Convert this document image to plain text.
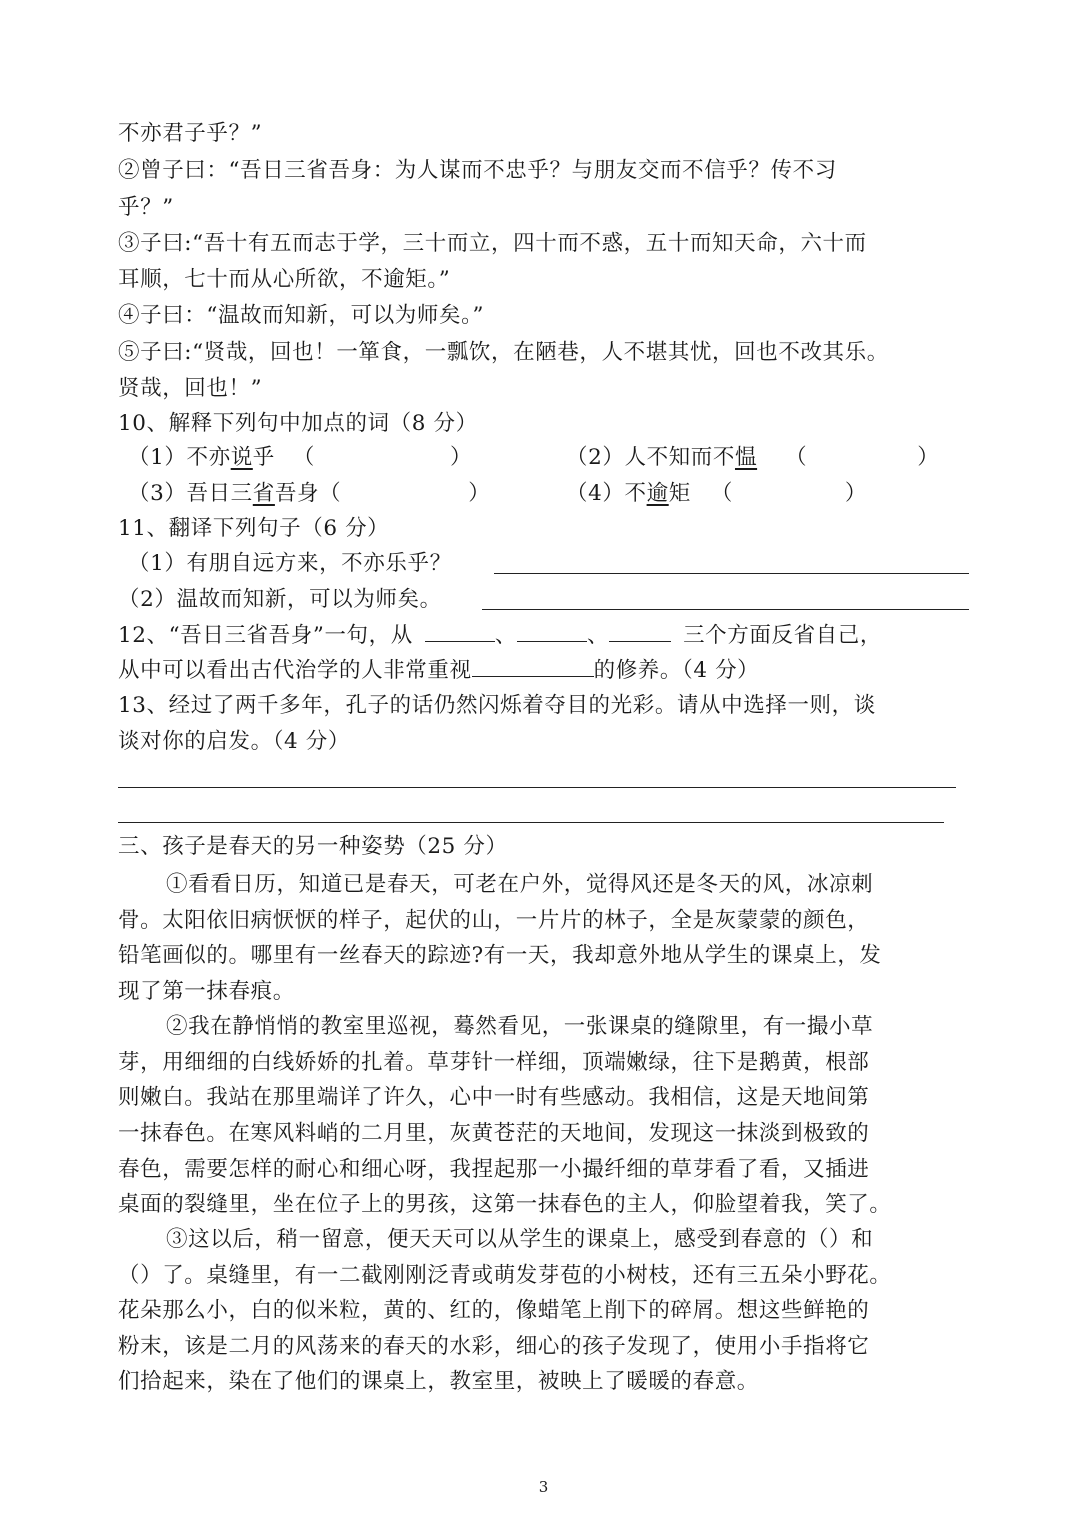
不亦君子乎？”
②曾子曰：“吾日三省吾身：为人谋而不忠乎？与朋友交而不信乎？传不习
乎？”
③子曰:“吾十有五而志于学，三十而立，四十而不惑，五十而知天命，六十而
耳顺，七十而从心所欲，不逾矩。”
④子曰：“温故而知新，可以为师矣。”
⑤子曰:“贤哉，回也！一箪食，一瓢饮，在陋巷，人不堪其忧，回也不改其乐。
贤哉，回也！”
10、解释下列句中加点的词（8 分）
（1）不亦说乎 （	）	（2）人不知而不愠 （	）
（3）吾日三省吾身（	）	（4）不逾矩 （	）
11、翻译下列句子（6 分）
（1）有朋自远方来，不亦乐乎？
（2）温故而知新，可以为师矣。
12、“吾日三省吾身”一句，从	、	、	三个方面反省自己，
从中可以看出古代治学的人非常重视	的修养。（4 分）
13、经过了两千多年，孔子的话仍然闪烁着夺目的光彩。请从中选择一则，谈
谈对你的启发。（4 分）
三、孩子是春天的另一种姿势（25 分）
①看看日历，知道已是春天，可老在户外，觉得风还是冬天的风，冰凉刺
骨。太阳依旧病恹恹的样子，起伏的山，一片片的林子，全是灰蒙蒙的颜色，
铅笔画似的。哪里有一丝春天的踪迹?有一天，我却意外地从学生的课桌上，发
现了第一抹春痕。
②我在静悄悄的教室里巡视，蓦然看见，一张课桌的缝隙里，有一撮小草
芽，用细细的白线娇娇的扎着。草芽针一样细，顶端嫩绿，往下是鹅黄，根部
则嫩白。我站在那里端详了许久，心中一时有些感动。我相信，这是天地间第
一抹春色。在寒风料峭的二月里，灰黄苍茫的天地间，发现这一抹淡到极致的
春色，需要怎样的耐心和细心呀，我捏起那一小撮纤细的草芽看了看，又插进
桌面的裂缝里，坐在位子上的男孩，这第一抹春色的主人，仰脸望着我，笑了。
③这以后，稍一留意，便天天可以从学生的课桌上，感受到春意的（）和
（）了。桌缝里，有一二截刚刚泛青或萌发芽苞的小树枝，还有三五朵小野花。
花朵那么小，白的似米粒，黄的、红的，像蜡笔上削下的碎屑。想这些鲜艳的
粉末，该是二月的风荡来的春天的水彩，细心的孩子发现了，使用小手指将它
们拾起来，染在了他们的课桌上，教室里，被映上了暖暖的春意。
3
